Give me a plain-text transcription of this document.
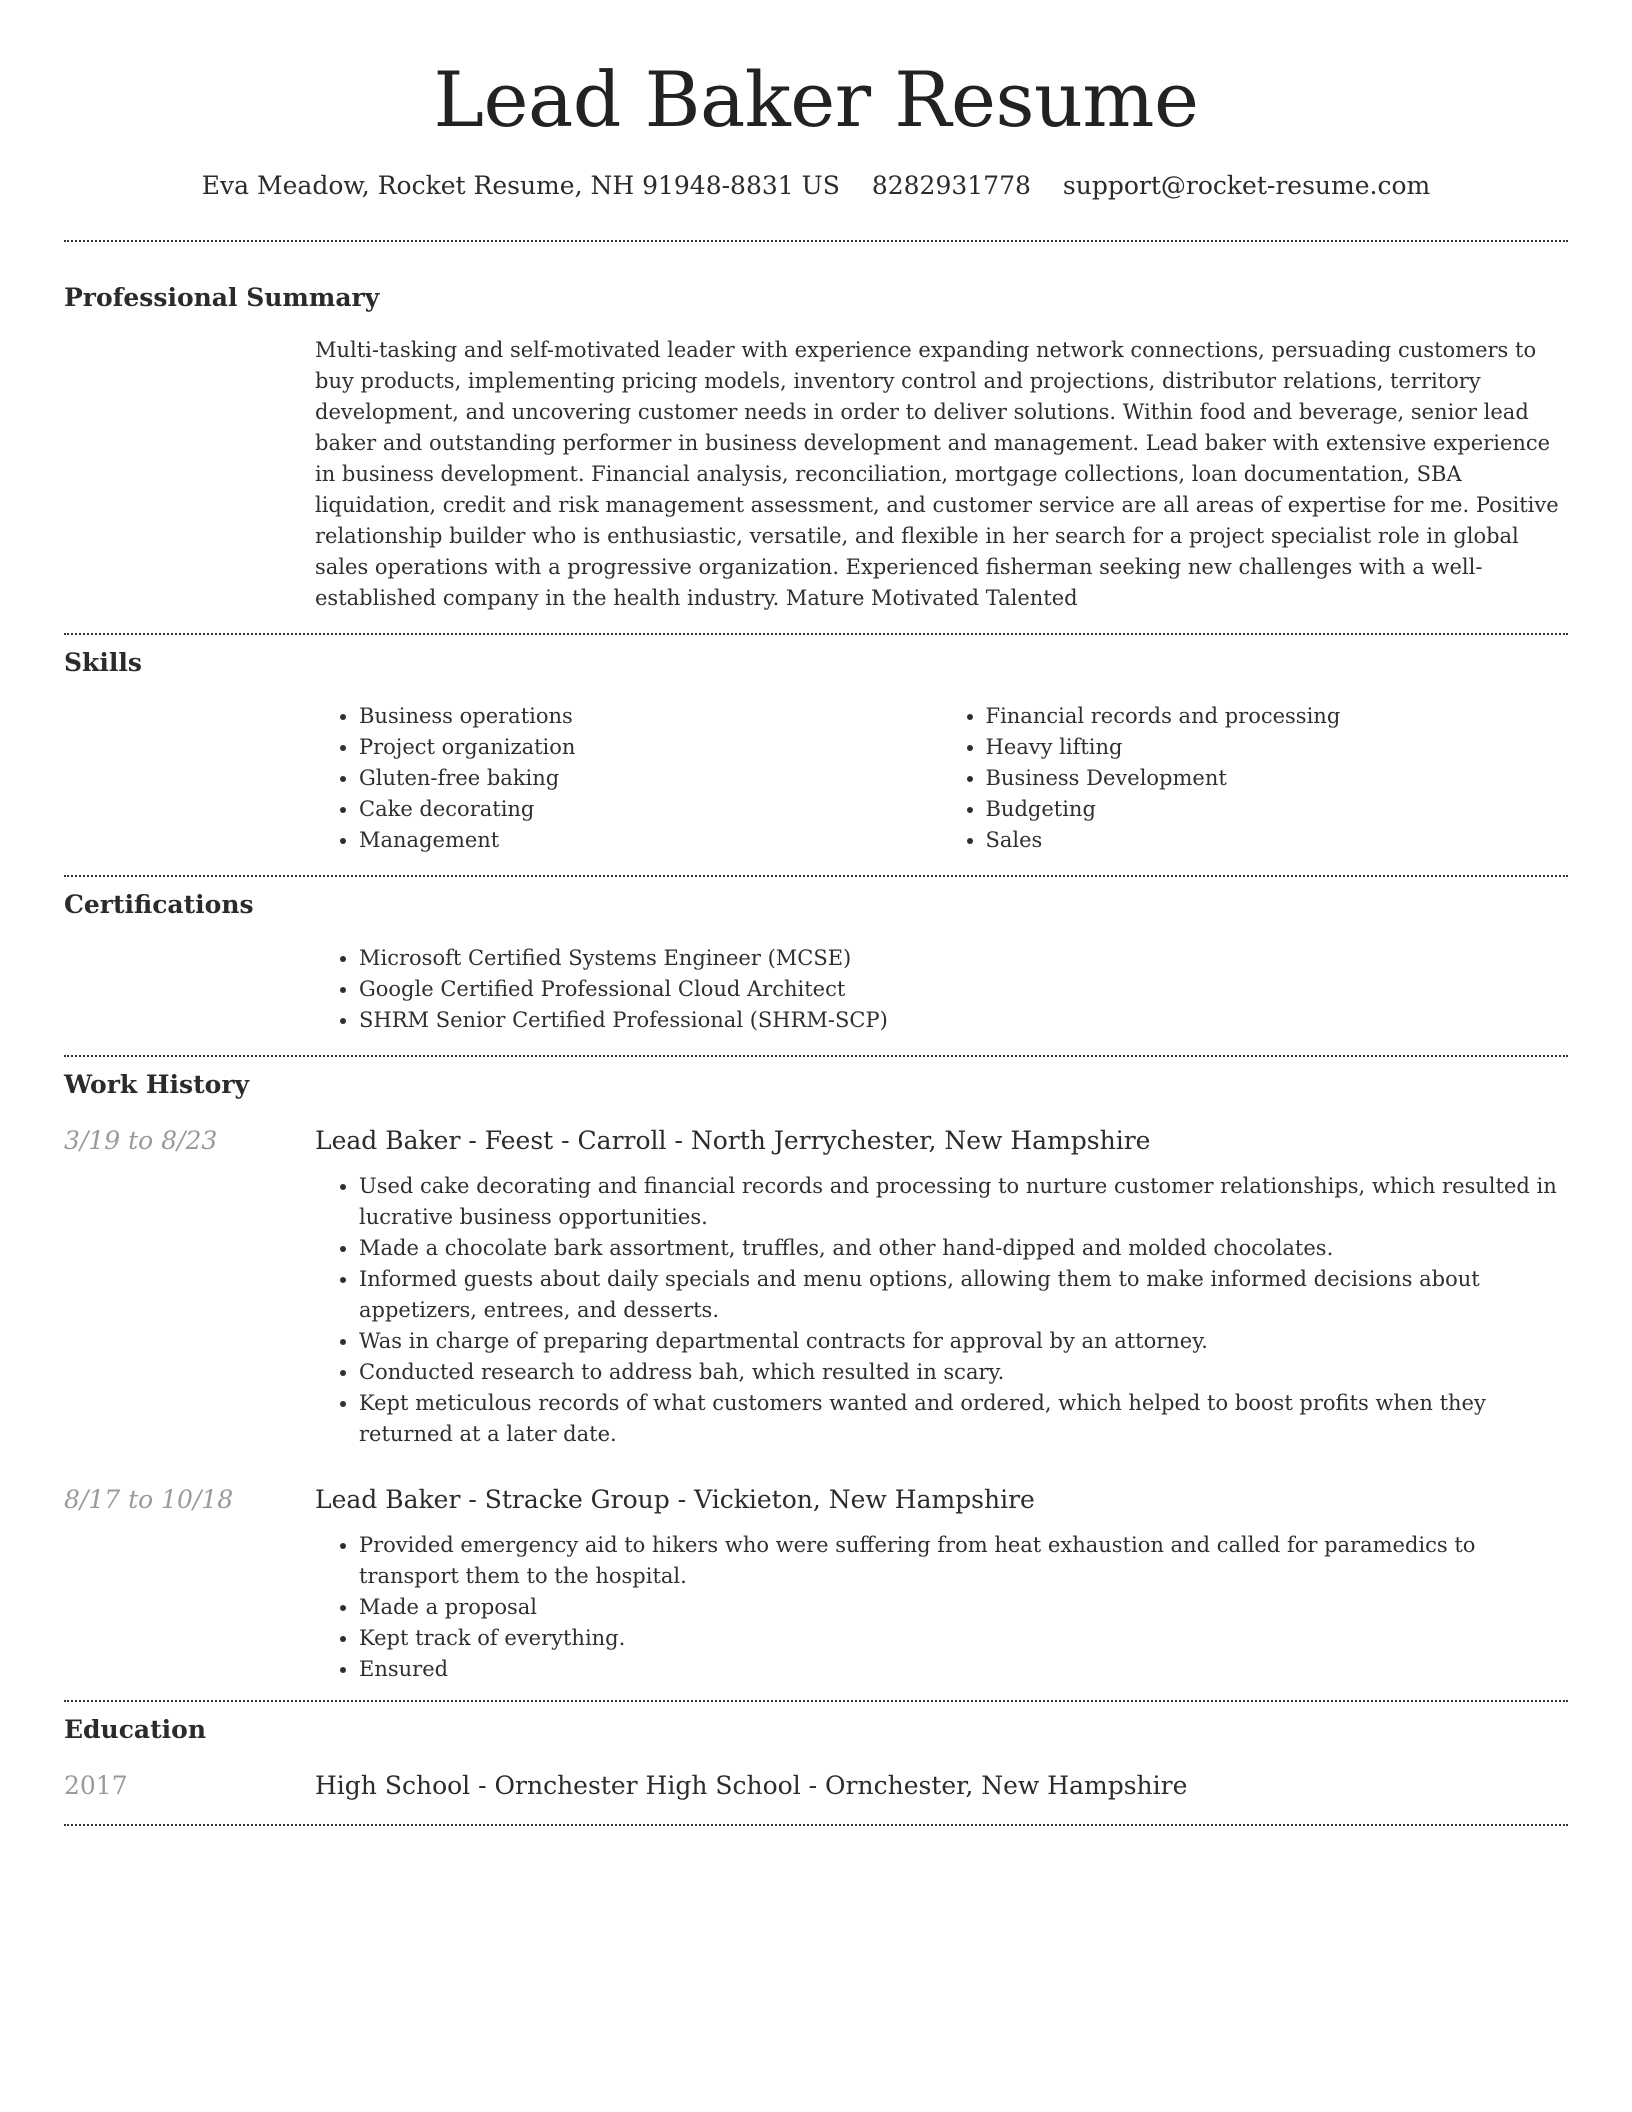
Lead Baker Resume
Eva Meadow, Rocket Resume, NH 91948-8831 US 8282931778 support@rocket-resume.com
Professional Summary

Multi-tasking and self-motivated leader with experience expanding network connections, persuading customers to buy products, implementing pricing models, inventory control and projections, distributor relations, territory development, and uncovering customer needs in order to deliver solutions. Within food and beverage, senior lead baker and outstanding performer in business development and management. Lead baker with extensive experience in business development. Financial analysis, reconciliation, mortgage collections, loan documentation, SBA liquidation, credit and risk management assessment, and customer service are all areas of expertise for me. Positive relationship builder who is enthusiastic, versatile, and flexible in her search for a project specialist role in global sales operations with a progressive organization. Experienced fisherman seeking new challenges with a well-established company in the health industry. Mature Motivated Talented

Skills
• Business operations
• Project organization
• Gluten-free baking
• Cake decorating
• Management
• Financial records and processing
• Heavy lifting
• Business Development
• Budgeting
• Sales
Certifications
• Microsoft Certified Systems Engineer (MCSE)
• Google Certified Professional Cloud Architect
• SHRM Senior Certified Professional (SHRM-SCP)
Work History
3/19 to 8/23	Lead Baker - Feest - Carroll - North Jerrychester, New Hampshire
• Used cake decorating and financial records and processing to nurture customer relationships, which resulted in lucrative business opportunities.
• Made a chocolate bark assortment, truffles, and other hand-dipped and molded chocolates.
• Informed guests about daily specials and menu options, allowing them to make informed decisions about appetizers, entrees, and desserts.
• Was in charge of preparing departmental contracts for approval by an attorney.
• Conducted research to address bah, which resulted in scary.
• Kept meticulous records of what customers wanted and ordered, which helped to boost profits when they returned at a later date.
8/17 to 10/18	Lead Baker - Stracke Group - Vickieton, New Hampshire
• Provided emergency aid to hikers who were suffering from heat exhaustion and called for paramedics to transport them to the hospital.
• Made a proposal
• Kept track of everything.
• Ensured
Education
2017	High School - Ornchester High School - Ornchester, New Hampshire
